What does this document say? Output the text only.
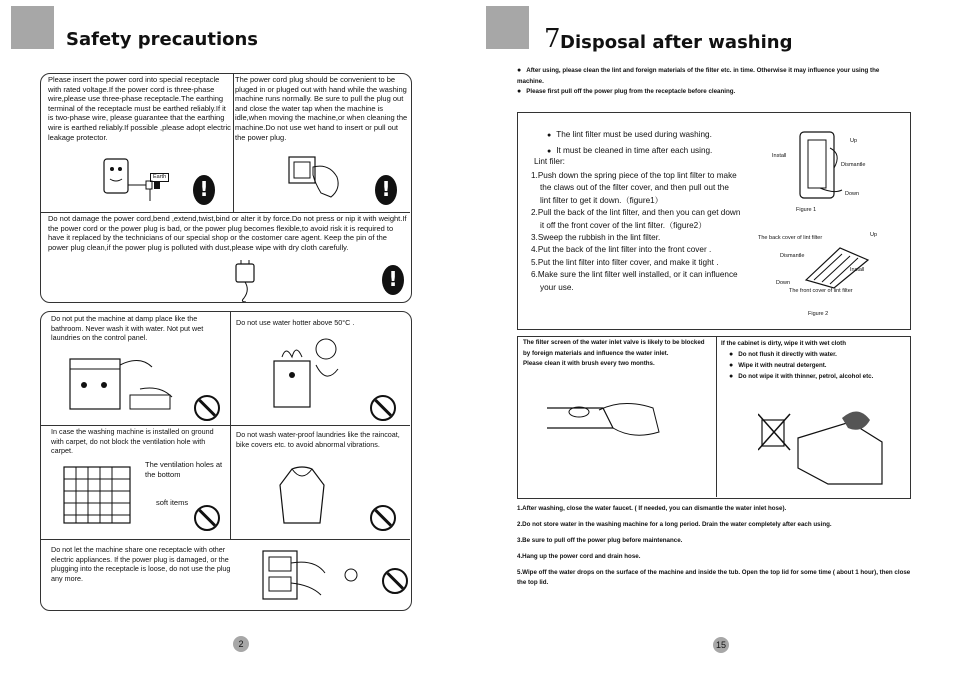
Safety precautions
Please insert the power cord into special receptacle with rated voltage.If the power cord is three-phase wire,please use three-phase receptacle.The earthing terminal of the receptacle must be earthed reliably.If it is two-phase wire, please guarantee that the earthing wire is earthed reliably.If possible ,please adopt electric leakage protector.
The power cord plug should be convenient to be pluged in or pluged out with hand while the washing machine runs normally. Be sure to pull the plug out and close the water tap when the machine is idle,when moving the machine,or when cleaning the machine.Do not use wet hand to insert or pull out the power plug.
Do not damage the power cord,bend ,extend,twist,bind or alter it by force.Do not press or nip it with weight.If the power cord or the power plug is bad, or the power plug becomes flexible,to avoid risk it is required to have it replaced by the technicians of our special shop or the costomer care agent. Keep the pin of the power plug clean,if the power plug is polluted with dust,please wipe with dry cloth carefully.
Earth
!
!
!
Do not put the machine at damp place like the bathroom. Never wash it with water. Not put wet laundries on the control panel.
Do not use water hotter above 50°C .
In case the washing machine is installed on ground with carpet, do not block the ventilation hole with carpet.
Do not wash water-proof laundries like the raincoat, bike covers etc. to avoid abnormal vibrations.
Do not let the machine share one receptacle with other electric appliances. If the power plug is damaged, or the plugging into the receptacle is loose, do not use the plug any more.
The ventilation holes at the bottom
soft items
2
7 Disposal after washing
● After using, please clean the lint and foreign materials of the filter etc. in time. Otherwise it may influence your using the machine.
● Please first pull off the power plug from the receptacle before cleaning.
● The lint filter must be used during washing.
● It must be cleaned in time after each using.
Lint filer:
1.Push down the spring piece of the top lint filter to make the claws out of the filter cover, and then pull out the lint filter to get it down.（figure1）
2.Pull the back of the lint filter, and then you can get down it off the front cover of the lint filter.（figure2）
3.Sweep the rubbish in the lint filter.
4.Put the back of the lint filter into the front cover .
5.Put the lint filter into filter cover, and make it tight .
6.Make sure the lint filter well installed, or it can influence your use.
Install
Up
Dismantle
Down
Figure 1
The back cover of lint filter	Up
Dismantle
Install
Down
The front cover of lint filter
Figure 2
The filter screen of the water inlet valve is likely to be blocked by foreign materials and influence the water inlet.
Please clean it with brush every two months.
If the cabinet is dirty, wipe it with wet cloth
● Do not flush it directly with water.
● Wipe it with neutral detergent.
● Do not wipe it with thinner, petrol, alcohol etc.
1.After washing, close the water faucet. ( If needed, you can dismantle the water inlet hose).
2.Do not store water in the washing machine for a long period. Drain the water completely after each using.
3.Be sure to pull off the power plug before maintenance.
4.Hang up the power cord and drain hose.
5.Wipe off the water drops on the surface of the machine and inside the tub. Open the top lid for some time ( about 1 hour), then close the top lid.
15
